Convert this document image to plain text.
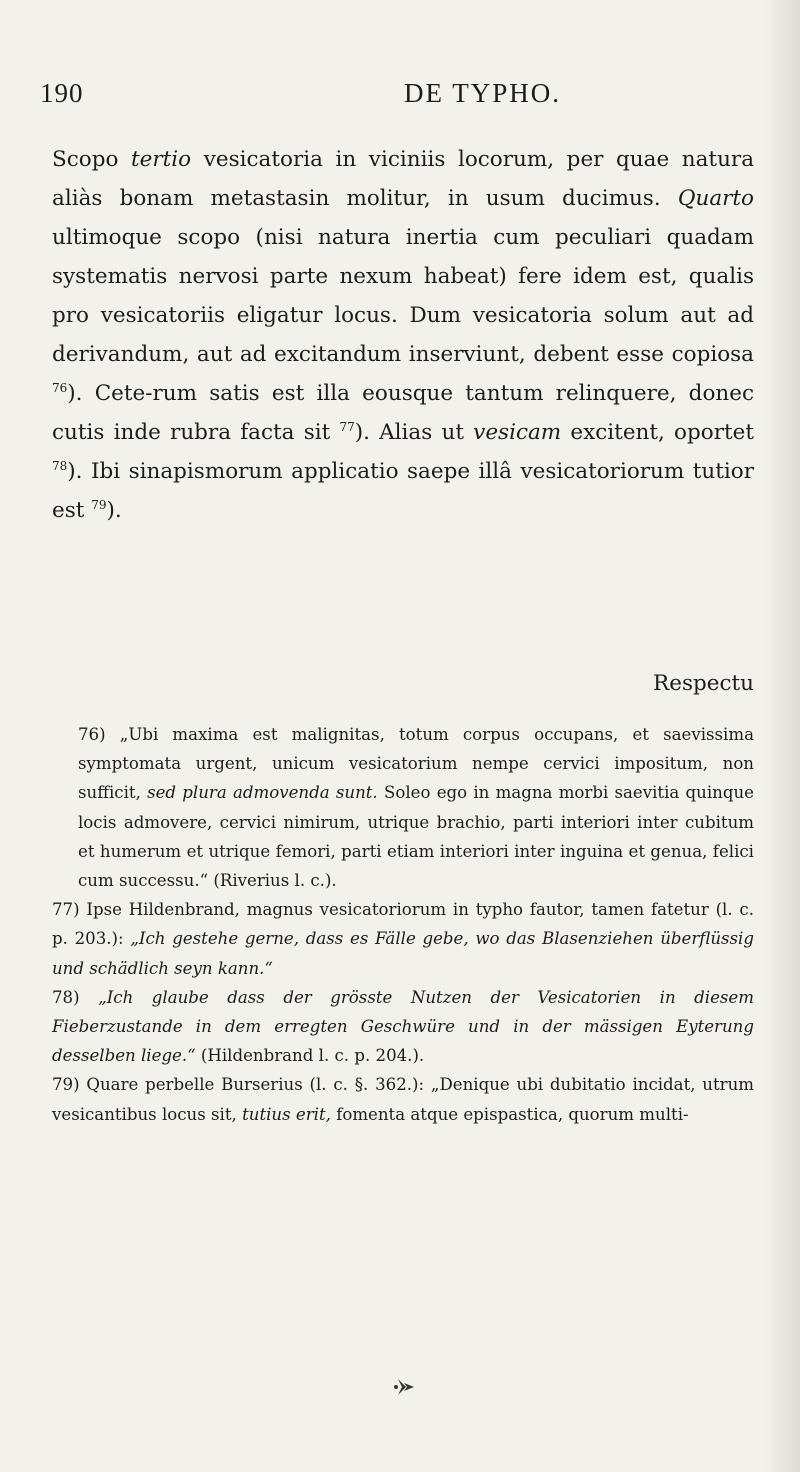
190	DE TYPHO.

Scopo tertio vesicatoria in viciniis locorum, per quae natura aliàs bonam metastasin molitur, in usum ducimus. Quarto ultimoque scopo (nisi natura inertia cum peculiari quadam systematis nervosi parte nexum habeat) fere idem est, qualis pro vesicatoriis eligatur locus. Dum vesicatoria solum aut ad derivandum, aut ad excitandum inserviunt, debent esse copiosa $^{76}$). Cete-rum satis est illa eousque tantum relinquere, donec cutis inde rubra facta sit $^{77}$). Alias ut vesicam excitent, oportet $^{78}$). Ibi sinapismorum applicatio saepe illâ vesicatoriorum tutior est $^{79}$).

Respectu

76) „Ubi maxima est malignitas, totum corpus occupans, et saevissima symptomata urgent, unicum vesicatorium nempe cervici impositum, non sufficit, sed plura admovenda sunt. Soleo ego in magna morbi saevitia quinque locis admovere, cervici nimirum, utrique brachio, parti interiori inter cubitum et humerum et utrique femori, parti etiam interiori inter inguina et genua, felici cum successu.“ (Riverius l. c.).

77) Ipse Hildenbrand, magnus vesicatoriorum in typho fautor, tamen fatetur (l. c. p. 203.): „Ich gestehe gerne, dass es Fälle gebe, wo das Blasenziehen überflüssig und schädlich seyn kann.“

78) „Ich glaube dass der grösste Nutzen der Vesicatorien in diesem Fieberzustande in dem erregten Geschwüre und in der mässigen Eyterung desselben liege.“ (Hildenbrand l. c. p. 204.).

79) Quare perbelle Burserius (l. c. §. 362.): „Denique ubi dubitatio incidat, utrum vesicantibus locus sit, tutius erit, fomenta atque epispastica, quorum multi-
